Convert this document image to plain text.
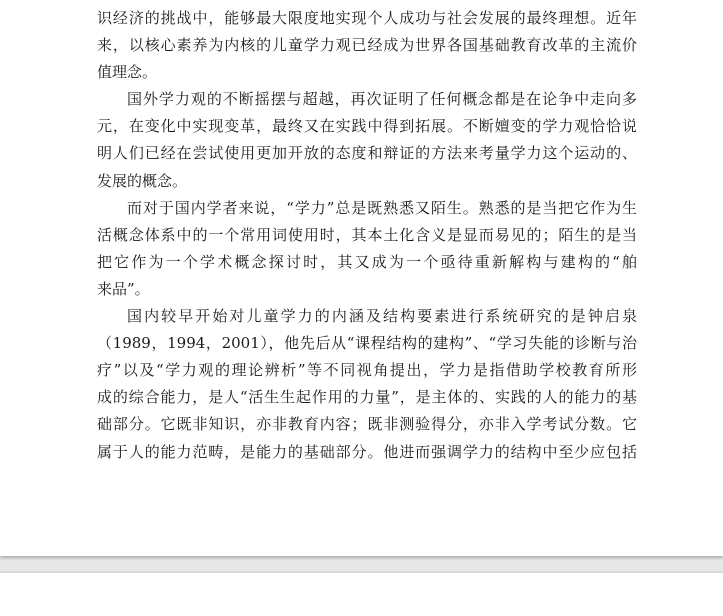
识经济的挑战中，能够最大限度地实现个人成功与社会发展的最终理想。近年
来，以核心素养为内核的儿童学力观已经成为世界各国基础教育改革的主流价
值理念。
国外学力观的不断摇摆与超越，再次证明了任何概念都是在论争中走向多
元，在变化中实现变革，最终又在实践中得到拓展。不断嬗变的学力观恰恰说
明人们已经在尝试使用更加开放的态度和辩证的方法来考量学力这个运动的、
发展的概念。
而对于国内学者来说，“学力”总是既熟悉又陌生。熟悉的是当把它作为生
活概念体系中的一个常用词使用时，其本土化含义是显而易见的；陌生的是当
把它作为一个学术概念探讨时，其又成为一个亟待重新解构与建构的“舶
来品”。
国内较早开始对儿童学力的内涵及结构要素进行系统研究的是钟启泉
（1989，1994，2001），他先后从“课程结构的建构”、“学习失能的诊断与治
疗”以及“学力观的理论辨析”等不同视角提出，学力是指借助学校教育所形
成的综合能力，是人“活生生起作用的力量”，是主体的、实践的人的能力的基
础部分。它既非知识，亦非教育内容；既非测验得分，亦非入学考试分数。它
属于人的能力范畴，是能力的基础部分。他进而强调学力的结构中至少应包括
